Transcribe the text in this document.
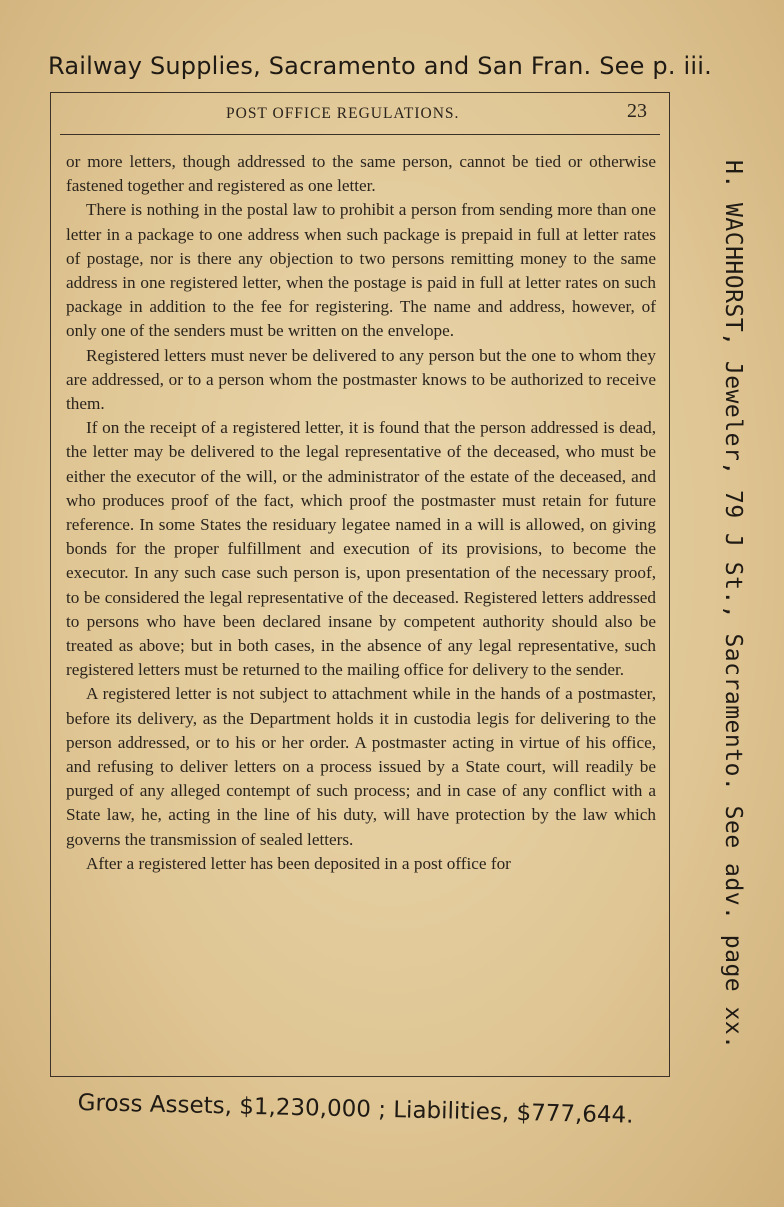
Railway Supplies, Sacramento and San Fran. See p. iii.
POST OFFICE REGULATIONS.	23

or more letters, though addressed to the same person, cannot be tied or otherwise fastened together and registered as one letter.

There is nothing in the postal law to prohibit a person from sending more than one letter in a package to one address when such package is prepaid in full at letter rates of postage, nor is there any objection to two persons remitting money to the same address in one registered letter, when the postage is paid in full at letter rates on such package in addition to the fee for registering. The name and address, however, of only one of the senders must be written on the envelope.

Registered letters must never be delivered to any person but the one to whom they are addressed, or to a person whom the postmaster knows to be authorized to receive them.

If on the receipt of a registered letter, it is found that the person addressed is dead, the letter may be delivered to the legal representative of the deceased, who must be either the executor of the will, or the administrator of the estate of the deceased, and who produces proof of the fact, which proof the postmaster must retain for future reference. In some States the residuary legatee named in a will is allowed, on giving bonds for the proper fulfillment and execution of its provisions, to become the executor. In any such case such person is, upon presentation of the necessary proof, to be considered the legal representative of the deceased. Registered letters addressed to persons who have been declared insane by competent authority should also be treated as above; but in both cases, in the absence of any legal representative, such registered letters must be returned to the mailing office for delivery to the sender.

A registered letter is not subject to attachment while in the hands of a postmaster, before its delivery, as the Department holds it in custodia legis for delivering to the person addressed, or to his or her order. A postmaster acting in virtue of his office, and refusing to deliver letters on a process issued by a State court, will readily be purged of any alleged contempt of such process; and in case of any conflict with a State law, he, acting in the line of his duty, will have protection by the law which governs the transmission of sealed letters.

After a registered letter has been deposited in a post office for	H. WACHHORST, Jeweler, 79 J St., Sacramento. See adv. page xx.
Gross Assets, $1,230,000 ; Liabilities, $777,644.
